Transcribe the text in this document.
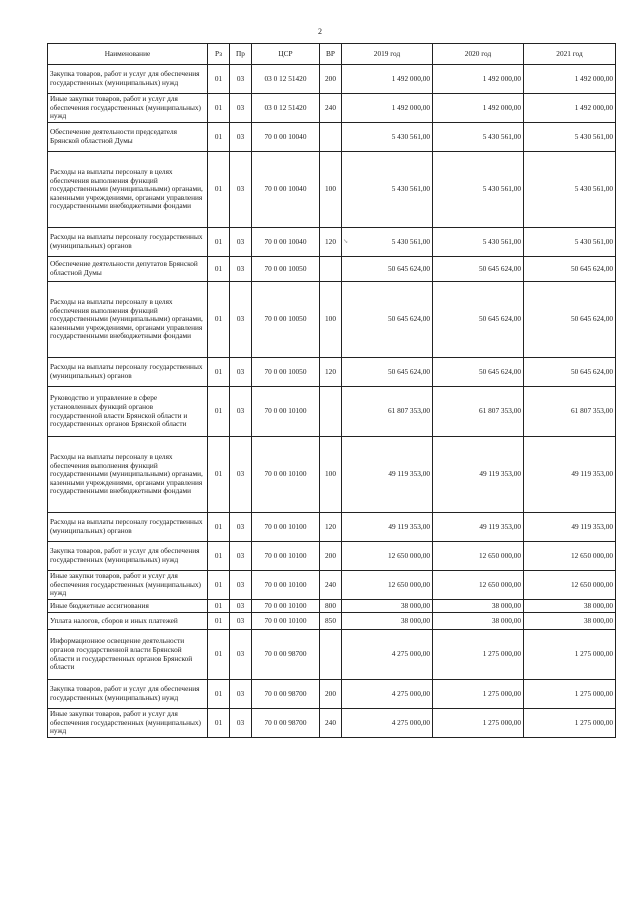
2
Наименование	Рз	Пр	ЦСР	ВР	2019 год	2020 год	2021 год
Закупка товаров, работ и услуг для обеспечения государственных (муниципальных) нужд	01	03	03 0 12 51420	200	1 492 000,00	1 492 000,00	1 492 000,00
Иные закупки товаров, работ и услуг для обеспечения государственных (муниципальных) нужд	01	03	03 0 12 51420	240	1 492 000,00	1 492 000,00	1 492 000,00
Обеспечение деятельности председателя Брянской областной Думы	01	03	70 0 00 10040		5 430 561,00	5 430 561,00	5 430 561,00
Расходы на выплаты персоналу в целях обеспечения выполнения функций государственными (муниципальными) органами, казенными учреждениями, органами управления государственными внебюджетными фондами	01	03	70 0 00 10040	100	5 430 561,00	5 430 561,00	5 430 561,00
Расходы на выплаты персоналу государственных (муниципальных) органов	01	03	70 0 00 10040	120	5 430 561,00	5 430 561,00	5 430 561,00
Обеспечение деятельности депутатов Брянской областной Думы	01	03	70 0 00 10050		50 645 624,00	50 645 624,00	50 645 624,00
Расходы на выплаты персоналу в целях обеспечения выполнения функций государственными (муниципальными) органами, казенными учреждениями, органами управления государственными внебюджетными фондами	01	03	70 0 00 10050	100	50 645 624,00	50 645 624,00	50 645 624,00
Расходы на выплаты персоналу государственных (муниципальных) органов	01	03	70 0 00 10050	120	50 645 624,00	50 645 624,00	50 645 624,00
Руководство и управление в сфере установленных функций органов государственной власти Брянской области и государственных органов Брянской области	01	03	70 0 00 10100		61 807 353,00	61 807 353,00	61 807 353,00
Расходы на выплаты персоналу в целях обеспечения выполнения функций государственными (муниципальными) органами, казенными учреждениями, органами управления государственными внебюджетными фондами	01	03	70 0 00 10100	100	49 119 353,00	49 119 353,00	49 119 353,00
Расходы на выплаты персоналу государственных (муниципальных) органов	01	03	70 0 00 10100	120	49 119 353,00	49 119 353,00	49 119 353,00
Закупка товаров, работ и услуг для обеспечения государственных (муниципальных) нужд	01	03	70 0 00 10100	200	12 650 000,00	12 650 000,00	12 650 000,00
Иные закупки товаров, работ и услуг для обеспечения государственных (муниципальных) нужд	01	03	70 0 00 10100	240	12 650 000,00	12 650 000,00	12 650 000,00
Иные бюджетные ассигнования	01	03	70 0 00 10100	800	38 000,00	38 000,00	38 000,00
Уплата налогов, сборов и иных платежей	01	03	70 0 00 10100	850	38 000,00	38 000,00	38 000,00
Информационное освещение деятельности органов государственной власти Брянской области и государственных органов Брянской области	01	03	70 0 00 98700		4 275 000,00	1 275 000,00	1 275 000,00
Закупка товаров, работ и услуг для обеспечения государственных (муниципальных) нужд	01	03	70 0 00 98700	200	4 275 000,00	1 275 000,00	1 275 000,00
Иные закупки товаров, работ и услуг для обеспечения государственных (муниципальных) нужд	01	03	70 0 00 98700	240	4 275 000,00	1 275 000,00	1 275 000,00
↘
